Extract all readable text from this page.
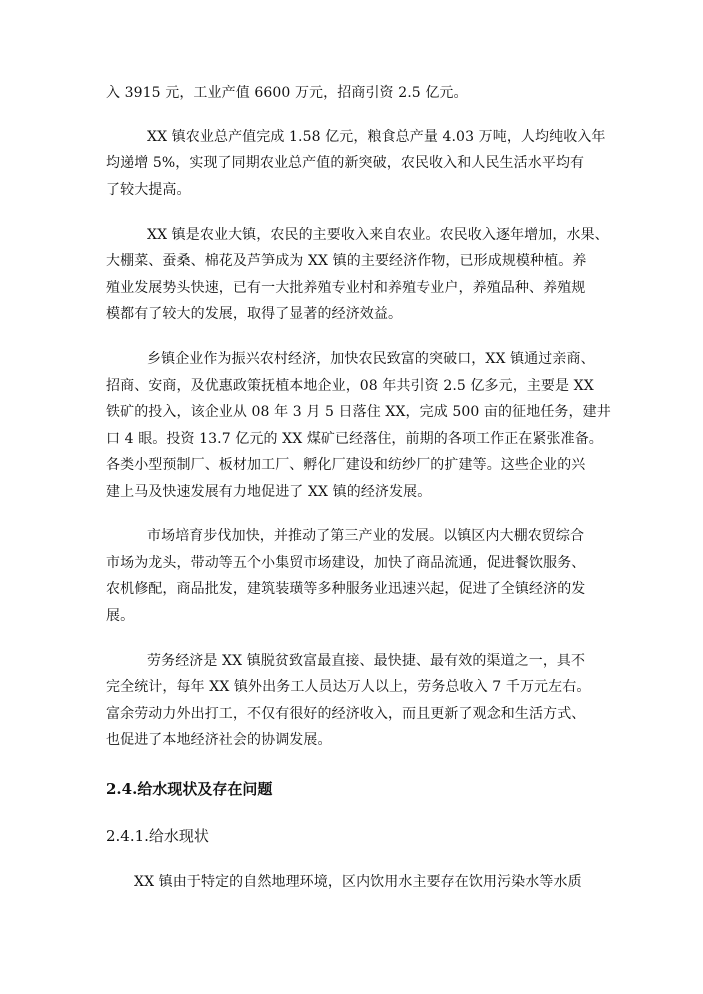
入 3915 元，工业产值 6600 万元，招商引资 2.5 亿元。
XX 镇农业总产值完成 1.58 亿元，粮食总产量 4.03 万吨，人均纯收入年
均递增 5%，实现了同期农业总产值的新突破，农民收入和人民生活水平均有
了较大提高。
XX 镇是农业大镇，农民的主要收入来自农业。农民收入逐年增加，水果、
大棚菜、蚕桑、棉花及芦笋成为 XX 镇的主要经济作物，已形成规模种植。养
殖业发展势头快速，已有一大批养殖专业村和养殖专业户，养殖品种、养殖规
模都有了较大的发展，取得了显著的经济效益。
乡镇企业作为振兴农村经济，加快农民致富的突破口，XX 镇通过亲商、
招商、安商，及优惠政策抚植本地企业，08 年共引资 2.5 亿多元，主要是 XX
铁矿的投入，该企业从 08 年 3 月 5 日落住 XX，完成 500 亩的征地任务，建井
口 4 眼。投资 13.7 亿元的 XX 煤矿已经落住，前期的各项工作正在紧张准备。
各类小型预制厂、板材加工厂、孵化厂建设和纺纱厂的扩建等。这些企业的兴
建上马及快速发展有力地促进了 XX 镇的经济发展。
市场培育步伐加快，并推动了第三产业的发展。以镇区内大棚农贸综合
市场为龙头，带动等五个小集贸市场建设，加快了商品流通，促进餐饮服务、
农机修配，商品批发，建筑装璜等多种服务业迅速兴起，促进了全镇经济的发
展。
劳务经济是 XX 镇脱贫致富最直接、最快捷、最有效的渠道之一，具不
完全统计，每年 XX 镇外出务工人员达万人以上，劳务总收入 7 千万元左右。
富余劳动力外出打工，不仅有很好的经济收入，而且更新了观念和生活方式、
也促进了本地经济社会的协调发展。
2.4.给水现状及存在问题
2.4.1.给水现状
XX 镇由于特定的自然地理环境，区内饮用水主要存在饮用污染水等水质
